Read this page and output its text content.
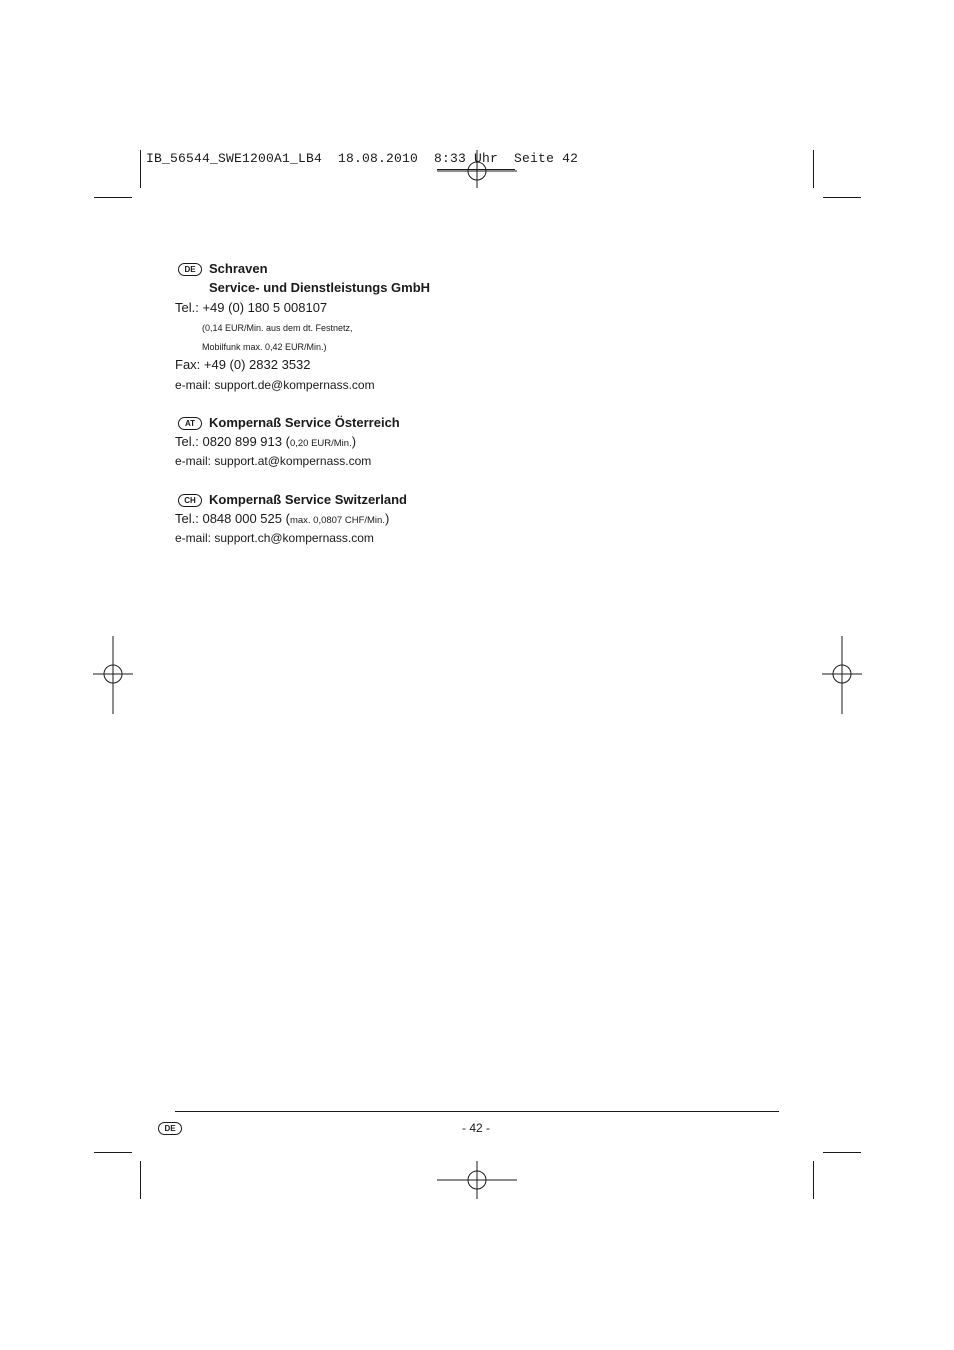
IB_56544_SWE1200A1_LB4  18.08.2010  8:33 Uhr  Seite 42
DE	Schraven
Service- und Dienstleistungs GmbH
Tel.: +49 (0) 180 5 008107
(0,14 EUR/Min. aus dem dt. Festnetz,
Mobilfunk max. 0,42 EUR/Min.)
Fax: +49 (0) 2832 3532
e-mail: support.de@kompernass.com
AT	Kompernaß Service Österreich
Tel.: 0820 899 913 (0,20 EUR/Min.)
e-mail: support.at@kompernass.com
CH	Kompernaß Service Switzerland
Tel.: 0848 000 525 (max. 0,0807 CHF/Min.)
e-mail: support.ch@kompernass.com
DE	- 42 -
